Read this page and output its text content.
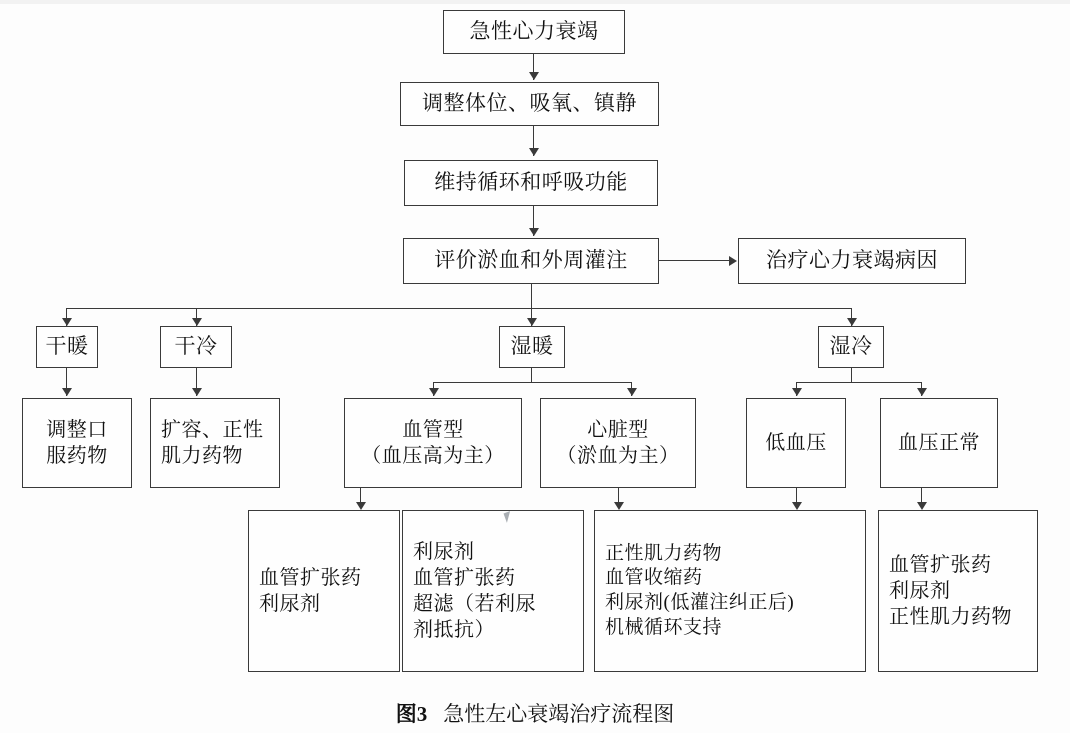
急性心力衰竭
调整体位、吸氧、镇静
维持循环和呼吸功能
评价淤血和外周灌注	治疗心力衰竭病因
干暖	干冷	湿暖	湿冷
调整口
服药物
扩容、正性
肌力药物
血管型
（血压高为主）
心脏型
（淤血为主）
低血压	血压正常
血管扩张药
利尿剂
利尿剂
血管扩张药
超滤（若利尿
剂抵抗）
正性肌力药物
血管收缩药
利尿剂(低灌注纠正后)
机械循环支持
血管扩张药
利尿剂
正性肌力药物
图3 急性左心衰竭治疗流程图
